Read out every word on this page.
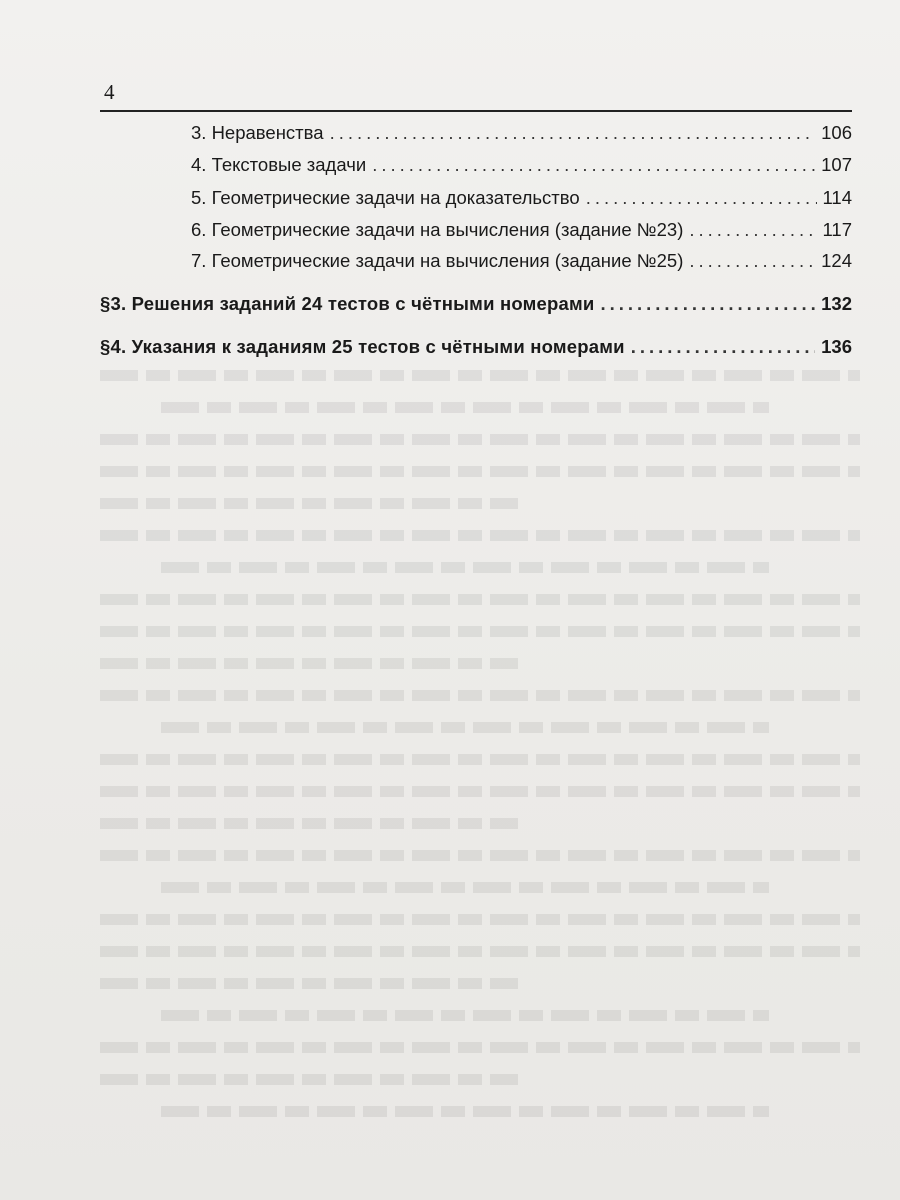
4
3. Неравенства .....	106
4. Текстовые задачи .....	107
5. Геометрические задачи на доказательство .....	114
6. Геометрические задачи на вычисления (задание №23) .....	117
7. Геометрические задачи на вычисления (задание №25) .....	124
§3. Решения заданий 24 тестов с чётными номерами .....	132
§4. Указания к заданиям 25 тестов с чётными номерами .....	136
